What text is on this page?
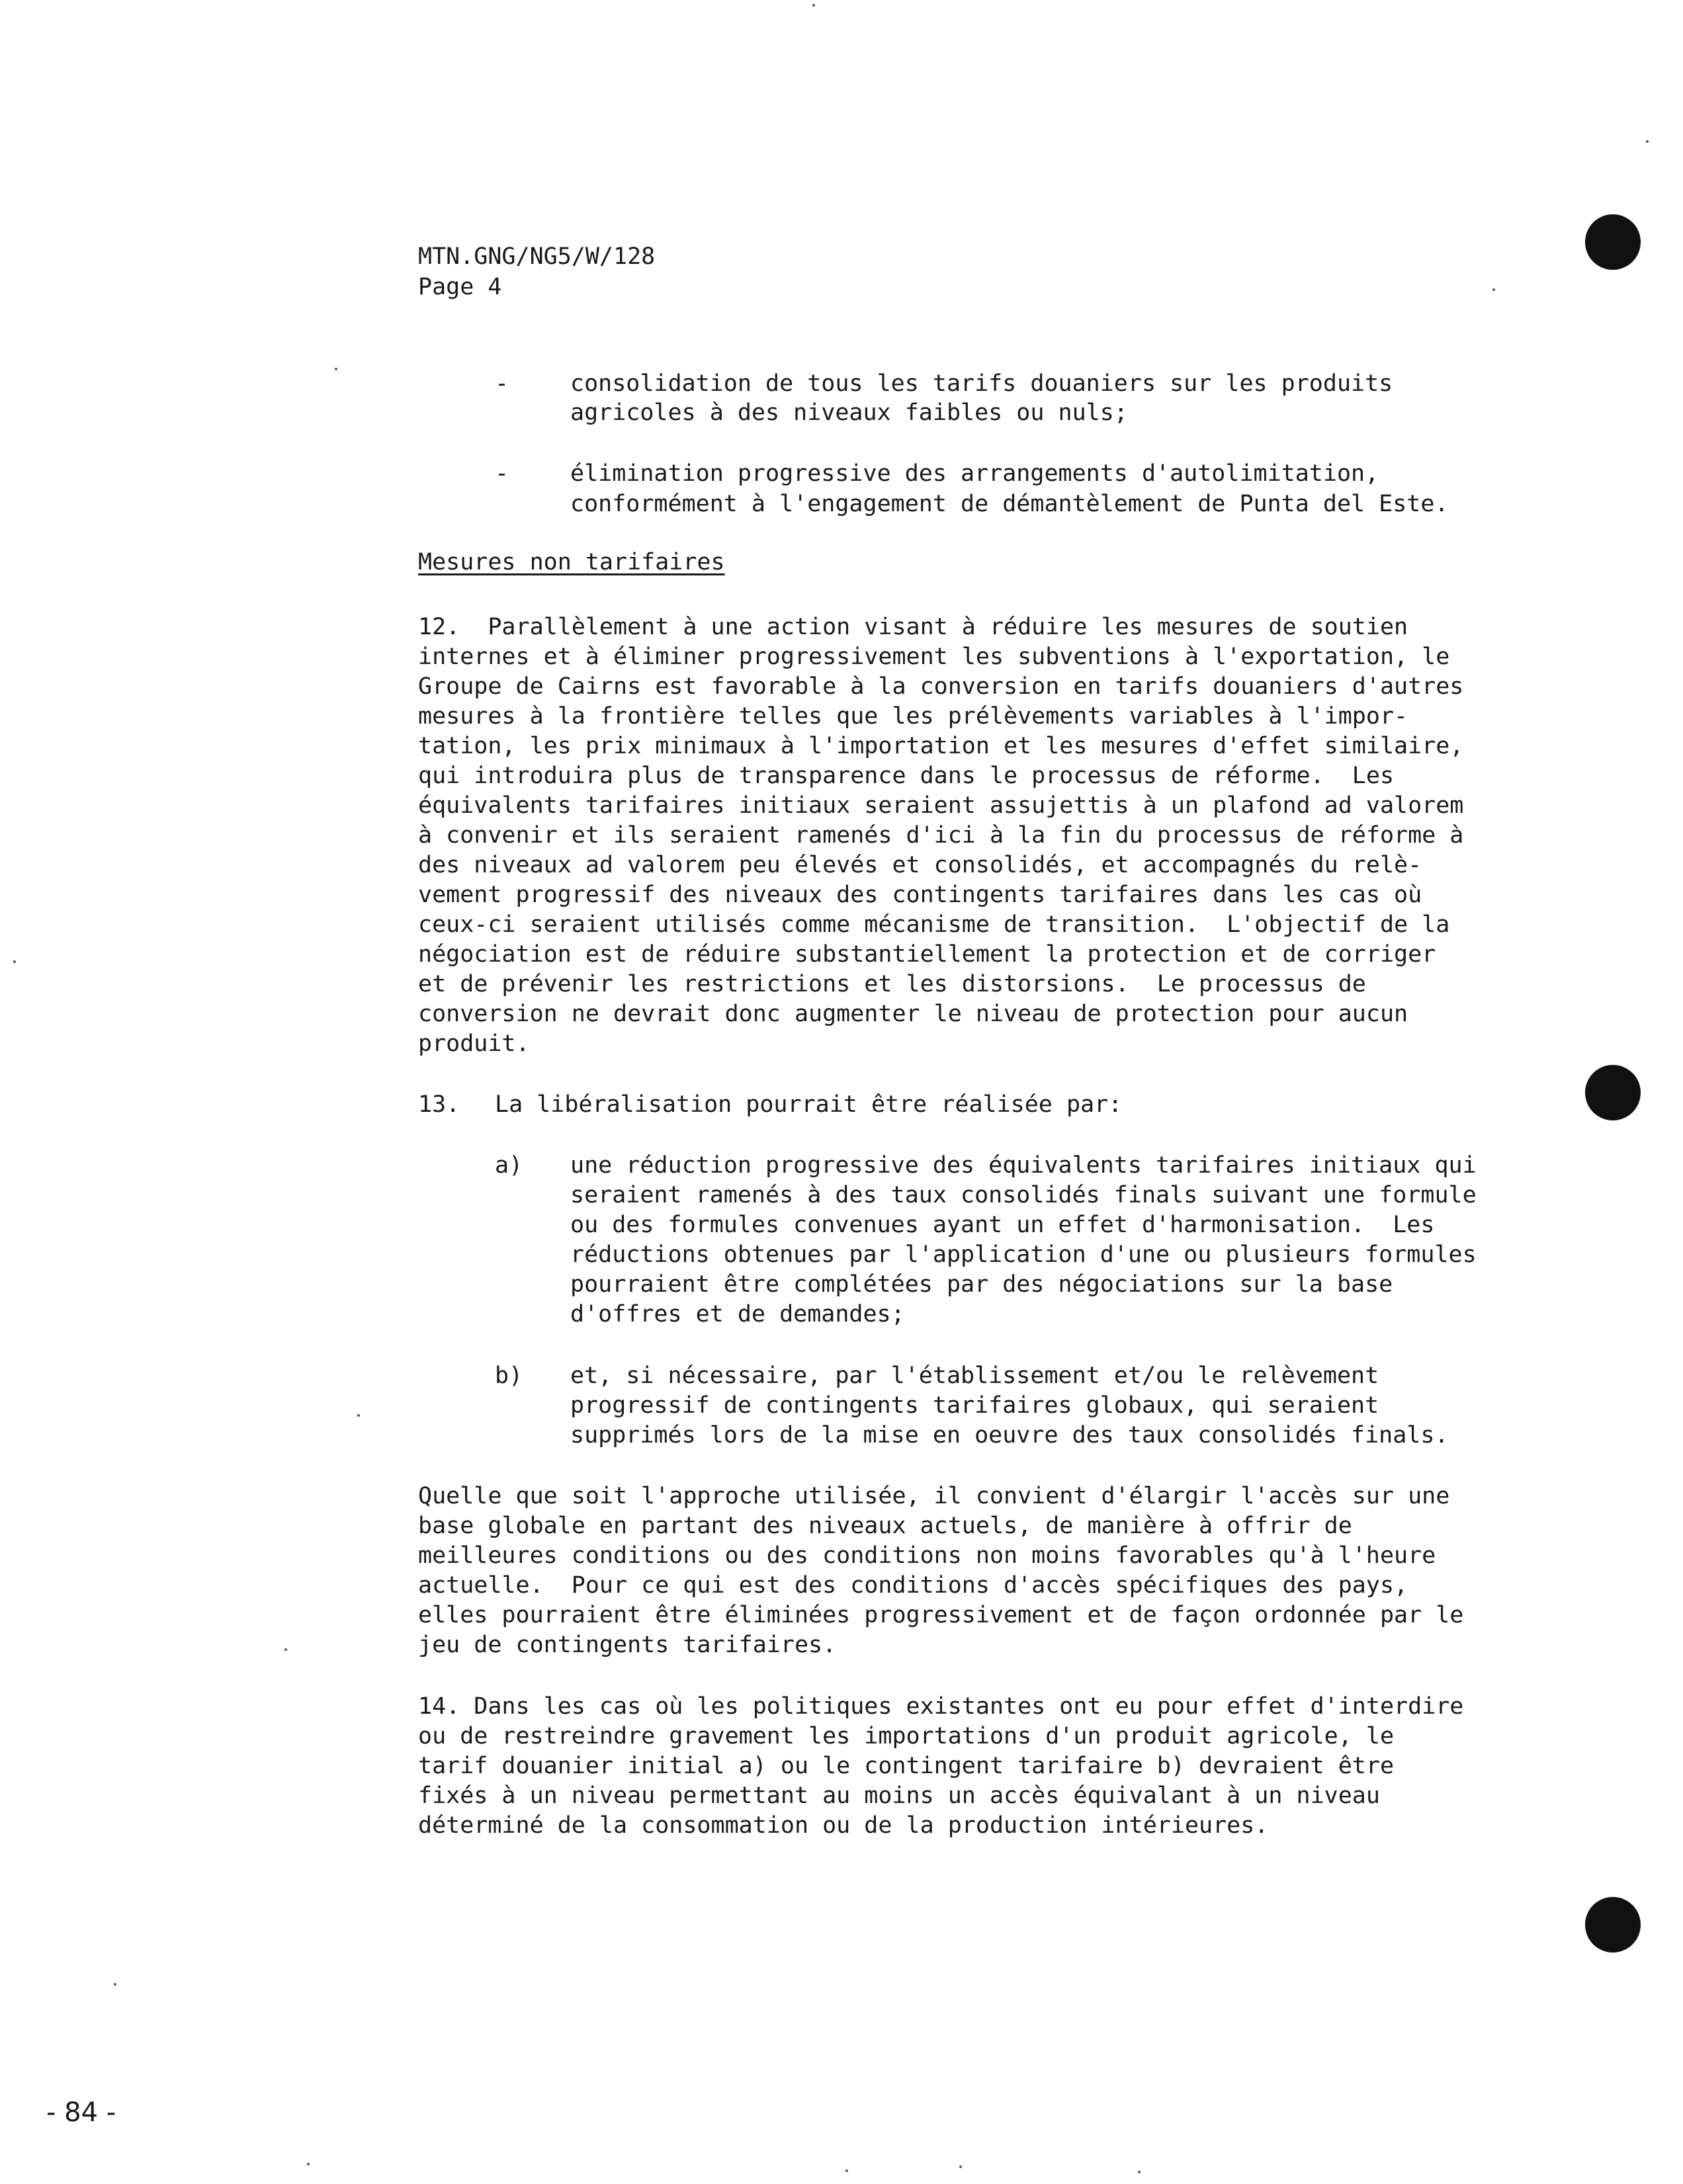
MTN.GNG/NG5/W/128
Page 4
-	consolidation de tous les tarifs douaniers sur les produits
agricoles à des niveaux faibles ou nuls;
-	élimination progressive des arrangements d'autolimitation,
conformément à l'engagement de démantèlement de Punta del Este.
Mesures non tarifaires
12.  Parallèlement à une action visant à réduire les mesures de soutien
internes et à éliminer progressivement les subventions à l'exportation, le
Groupe de Cairns est favorable à la conversion en tarifs douaniers d'autres
mesures à la frontière telles que les prélèvements variables à l'impor-
tation, les prix minimaux à l'importation et les mesures d'effet similaire,
qui introduira plus de transparence dans le processus de réforme.  Les
équivalents tarifaires initiaux seraient assujettis à un plafond ad valorem
à convenir et ils seraient ramenés d'ici à la fin du processus de réforme à
des niveaux ad valorem peu élevés et consolidés, et accompagnés du relè-
vement progressif des niveaux des contingents tarifaires dans les cas où
ceux-ci seraient utilisés comme mécanisme de transition.  L'objectif de la
négociation est de réduire substantiellement la protection et de corriger
et de prévenir les restrictions et les distorsions.  Le processus de
conversion ne devrait donc augmenter le niveau de protection pour aucun
produit.
13. La libéralisation pourrait être réalisée par:
a) une réduction progressive des équivalents tarifaires initiaux qui
seraient ramenés à des taux consolidés finals suivant une formule
ou des formules convenues ayant un effet d'harmonisation.  Les
réductions obtenues par l'application d'une ou plusieurs formules
pourraient être complétées par des négociations sur la base
d'offres et de demandes;
b) et, si nécessaire, par l'établissement et/ou le relèvement
progressif de contingents tarifaires globaux, qui seraient
supprimés lors de la mise en oeuvre des taux consolidés finals.
Quelle que soit l'approche utilisée, il convient d'élargir l'accès sur une
base globale en partant des niveaux actuels, de manière à offrir de
meilleures conditions ou des conditions non moins favorables qu'à l'heure
actuelle.  Pour ce qui est des conditions d'accès spécifiques des pays,
elles pourraient être éliminées progressivement et de façon ordonnée par le
jeu de contingents tarifaires.
14. Dans les cas où les politiques existantes ont eu pour effet d'interdire
ou de restreindre gravement les importations d'un produit agricole, le
tarif douanier initial a) ou le contingent tarifaire b) devraient être
fixés à un niveau permettant au moins un accès équivalant à un niveau
déterminé de la consommation ou de la production intérieures.
- 84 -
